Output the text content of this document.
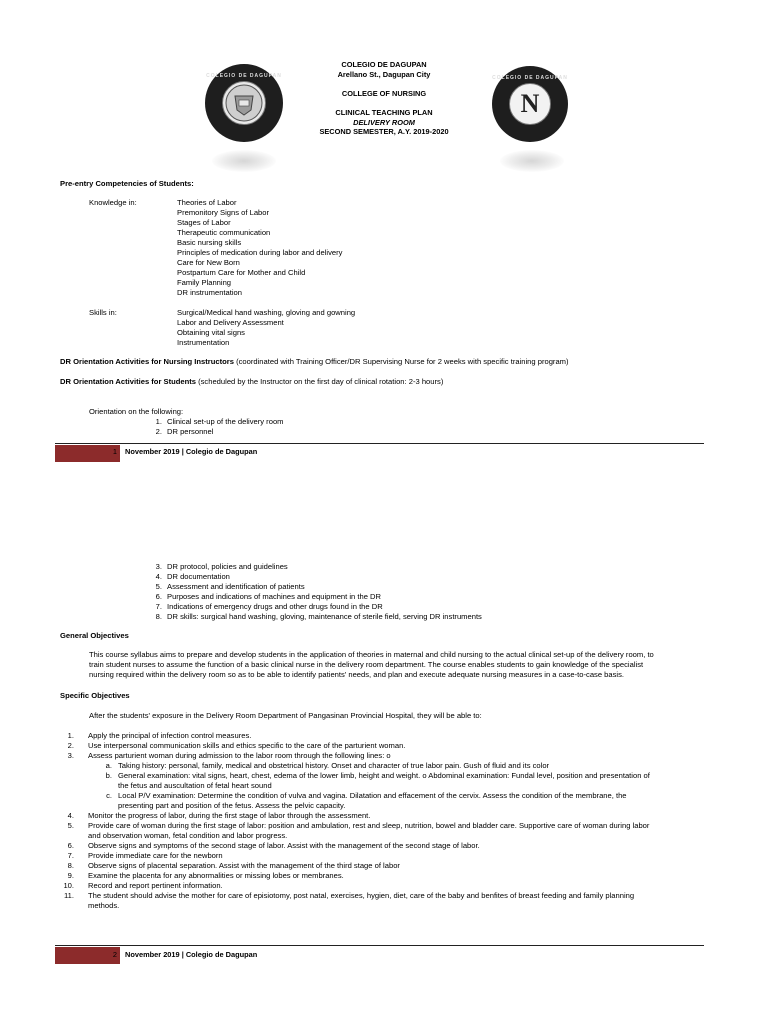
COLEGIO DE DAGUPAN	COLEGIO DE DAGUPAN
N
COLEGIO DE DAGUPAN
Arellano St., Dagupan City
COLLEGE OF NURSING
CLINICAL TEACHING PLAN
DELIVERY ROOM
SECOND SEMESTER, A.Y. 2019-2020
Pre-entry Competencies of Students:
Knowledge in:	Theories of Labor
Premonitory Signs of Labor
Stages of Labor
Therapeutic communication
Basic nursing skills
Principles of medication during labor and delivery
Care for New Born
Postpartum Care for Mother and Child
Family Planning
DR instrumentation
Skills in:	Surgical/Medical hand washing, gloving and gowning
Labor and Delivery Assessment
Obtaining vital signs
Instrumentation
DR Orientation Activities for Nursing Instructors (coordinated with Training Officer/DR Supervising Nurse for 2 weeks with specific training program)
DR Orientation Activities for Students (scheduled by the Instructor on the first day of clinical rotation: 2-3 hours)
Orientation on the following:
1. Clinical set-up of the delivery room
2. DR personnel
1 November 2019 | Colegio de Dagupan
3. DR protocol, policies and guidelines
4. DR documentation
5. Assessment and identification of patients
6. Purposes and indications of machines and equipment in the DR
7. Indications of emergency drugs and other drugs found in the DR
8. DR skills: surgical hand washing, gloving, maintenance of sterile field, serving DR instruments
General Objectives
This course syllabus aims to prepare and develop students in the application of theories in maternal and child nursing to the actual clinical set-up of the delivery room, to
train student nurses to assume the function of a basic clinical nurse in the delivery room department. The course enables students to gain knowledge of the specialist
nursing required within the delivery room so as to be able to identify patients' needs, and plan and execute adequate nursing measures in a case-to-case basis.
Specific Objectives
After the students' exposure in the Delivery Room Department of Pangasinan Provincial Hospital, they will be able to:
1. Apply the principal of infection control measures.
2. Use interpersonal communication skills and ethics specific to the care of the parturient woman.
3. Assess parturient woman during admission to the labor room through the following lines: o
a. Taking history: personal, family, medical and obstetrical history. Onset and character of true labor pain. Gush of fluid and its color
b. General examination: vital signs, heart, chest, edema of the lower limb, height and weight. o Abdominal examination: Fundal level, position and presentation of
the fetus and auscultation of fetal heart sound
c. Local P/V examination: Determine the condition of vulva and vagina. Dilatation and effacement of the cervix. Assess the condition of the membrane, the
presenting part and position of the fetus. Assess the pelvic capacity.
4. Monitor the progress of labor, during the first stage of labor through the assessment.
5. Provide care of woman during the first stage of labor: position and ambulation, rest and sleep, nutrition, bowel and bladder care. Supportive care of woman during labor
and observation woman, fetal condition and labor progress.
6. Observe signs and symptoms of the second stage of labor. Assist with the management of the second stage of labor.
7. Provide immediate care for the newborn
8. Observe signs of placental separation. Assist with the management of the third stage of labor
9. Examine the placenta for any abnormalities or missing lobes or membranes.
10. Record and report pertinent information.
11. The student should advise the mother for care of episiotomy, post natal, exercises, hygien, diet, care of the baby and benfites of breast feeding and family planning
methods.
2 November 2019 | Colegio de Dagupan
